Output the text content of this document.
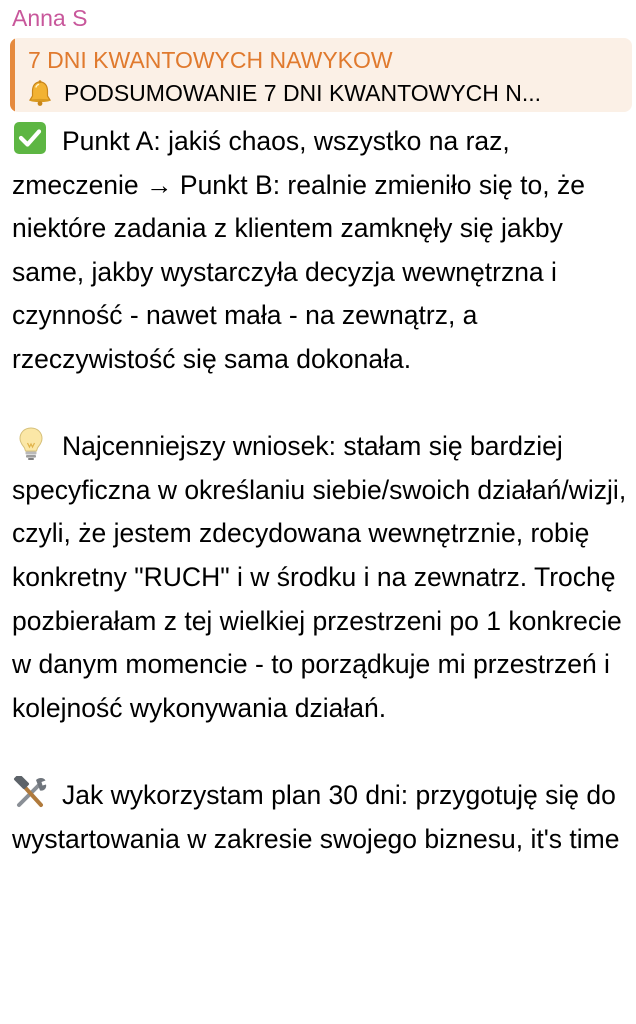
Anna S
7 DNI KWANTOWYCH NAWYKOW
PODSUMOWANIE 7 DNI KWANTOWYCH N...

Punkt A: jakiś chaos, wszystko na raz, zmeczenie → Punkt B: realnie zmieniło się to, że niektóre zadania z klientem zamknęły się jakby same, jakby wystarczyła decyzja wewnętrzna i czynność - nawet mała - na zewnątrz, a rzeczywistość się sama dokonała.

Najcenniejszy wniosek: stałam się bardziej specyficzna w określaniu siebie/swoich działań/wizji, czyli, że jestem zdecydowana wewnętrznie, robię konkretny "RUCH" i w środku i na zewnatrz. Trochę pozbierałam z tej wielkiej przestrzeni po 1 konkrecie w danym momencie - to porządkuje mi przestrzeń i kolejność wykonywania działań.

Jak wykorzystam plan 30 dni: przygotuję się do wystartowania w zakresie swojego biznesu, it's time
